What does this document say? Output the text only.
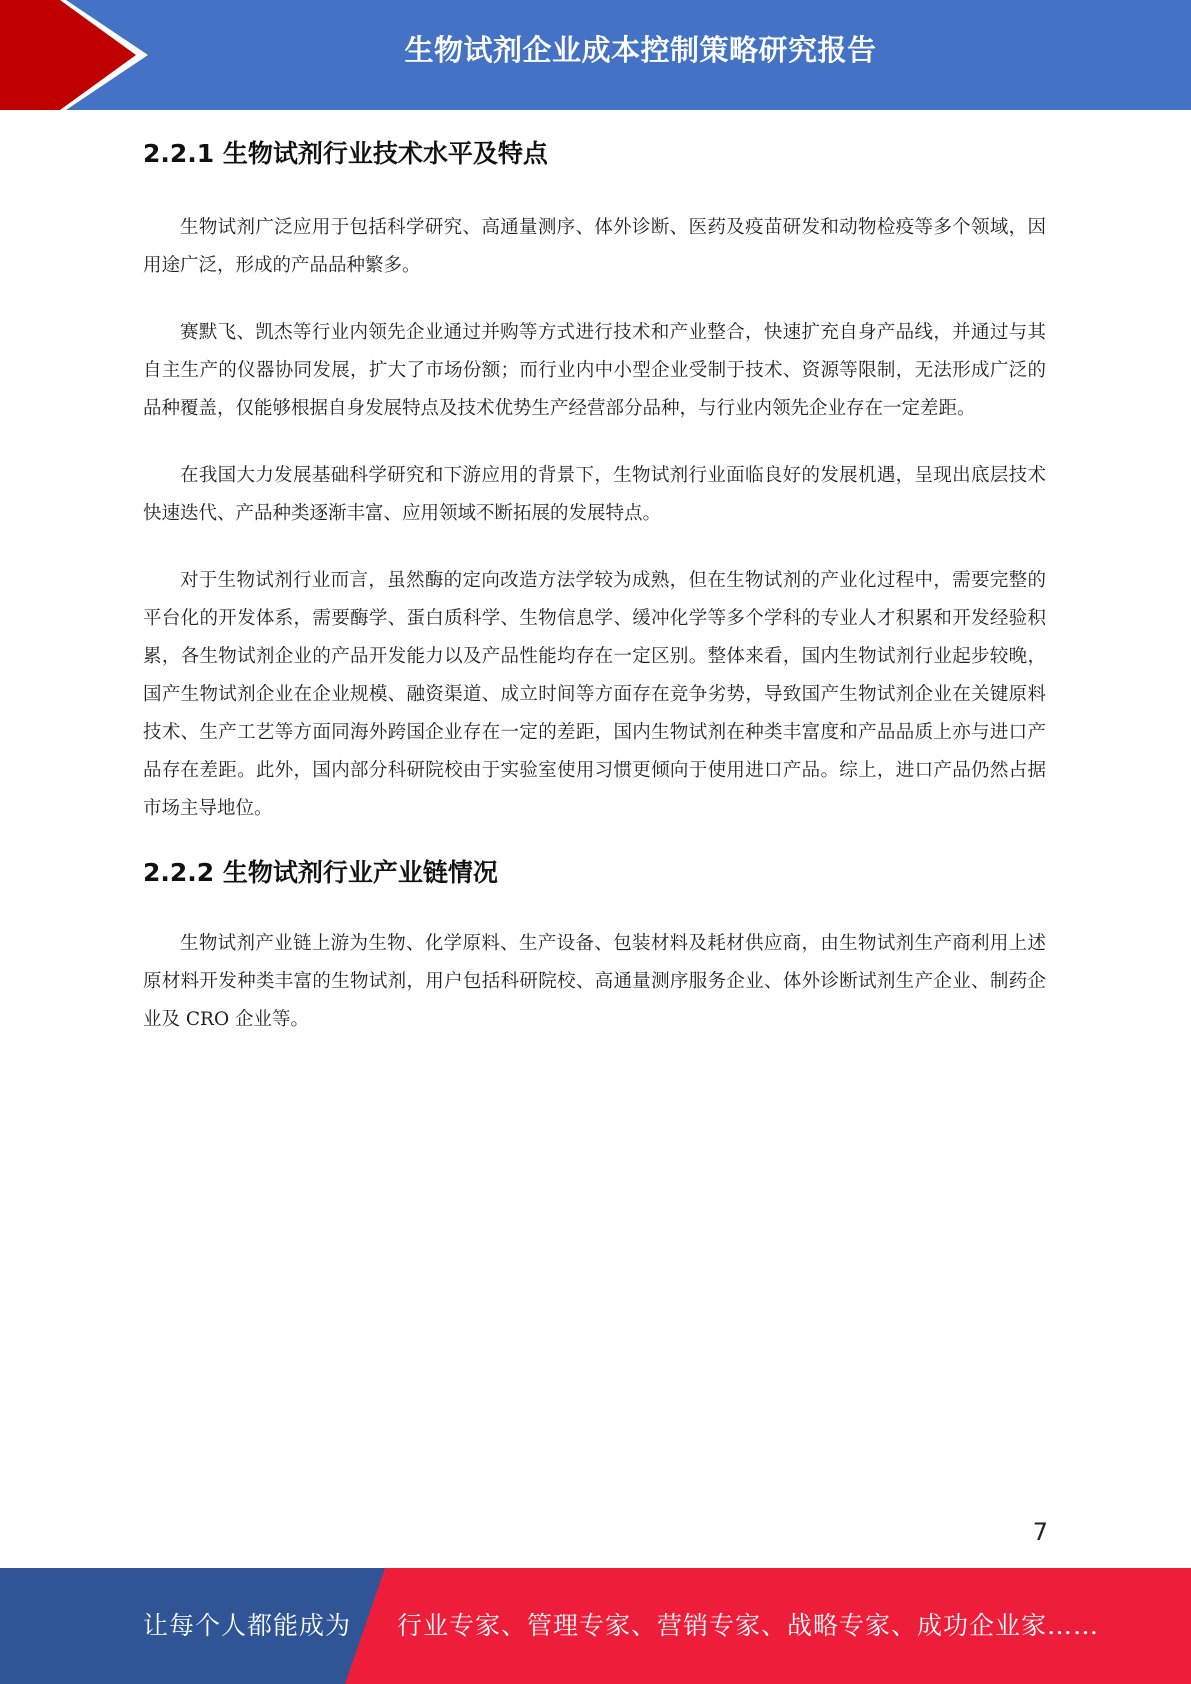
生物试剂企业成本控制策略研究报告
2.2.1 生物试剂行业技术水平及特点

生物试剂广泛应用于包括科学研究、高通量测序、体外诊断、医药及疫苗研发和动物检疫等多个领域，因用途广泛，形成的产品品种繁多。

赛默飞、凯杰等行业内领先企业通过并购等方式进行技术和产业整合，快速扩充自身产品线，并通过与其自主生产的仪器协同发展，扩大了市场份额；而行业内中小型企业受制于技术、资源等限制，无法形成广泛的品种覆盖，仅能够根据自身发展特点及技术优势生产经营部分品种，与行业内领先企业存在一定差距。

在我国大力发展基础科学研究和下游应用的背景下，生物试剂行业面临良好的发展机遇，呈现出底层技术快速迭代、产品种类逐渐丰富、应用领域不断拓展的发展特点。

对于生物试剂行业而言，虽然酶的定向改造方法学较为成熟，但在生物试剂的产业化过程中，需要完整的平台化的开发体系，需要酶学、蛋白质科学、生物信息学、缓冲化学等多个学科的专业人才积累和开发经验积累，各生物试剂企业的产品开发能力以及产品性能均存在一定区别。整体来看，国内生物试剂行业起步较晚，国产生物试剂企业在企业规模、融资渠道、成立时间等方面存在竞争劣势，导致国产生物试剂企业在关键原料技术、生产工艺等方面同海外跨国企业存在一定的差距，国内生物试剂在种类丰富度和产品品质上亦与进口产品存在差距。此外，国内部分科研院校由于实验室使用习惯更倾向于使用进口产品。综上，进口产品仍然占据市场主导地位。

2.2.2 生物试剂行业产业链情况

生物试剂产业链上游为生物、化学原料、生产设备、包装材料及耗材供应商，由生物试剂生产商利用上述原材料开发种类丰富的生物试剂，用户包括科研院校、高通量测序服务企业、体外诊断试剂生产企业、制药企业及 CRO 企业等。

7
让每个人都能成为 行业专家、管理专家、营销专家、战略专家、成功企业家……
